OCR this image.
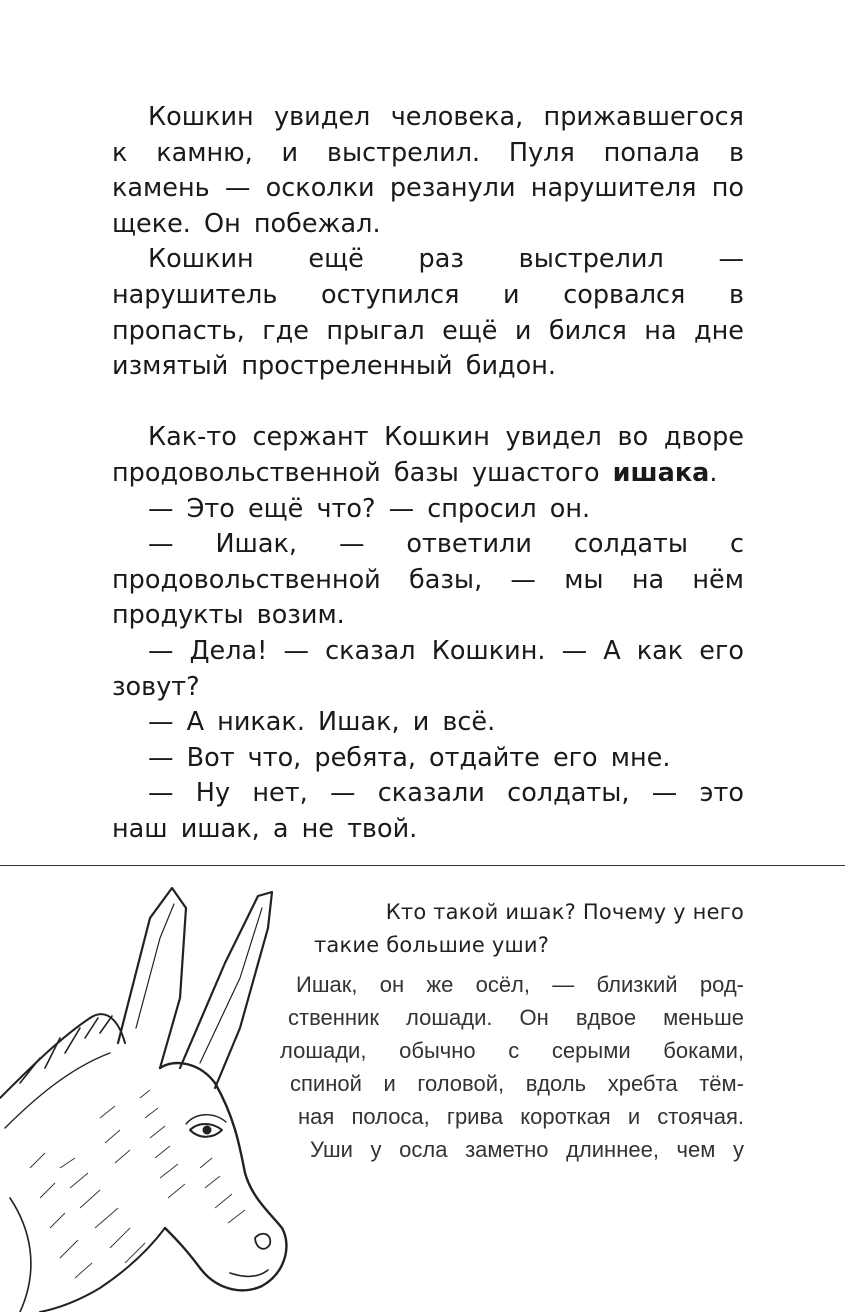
Кошкин увидел человека, прижавшегося к камню, и выстрелил. Пуля попала в камень — осколки резанули нарушителя по щеке. Он побежал.

Кошкин ещё раз выстрелил — нарушитель оступился и сорвался в пропасть, где прыгал ещё и бился на дне измятый простреленный бидон.

Как-то сержант Кошкин увидел во дворе продовольственной базы ушастого ишака.

— Это ещё что? — спросил он.

— Ишак, — ответили солдаты с продовольственной базы, — мы на нём продукты возим.

— Дела! — сказал Кошкин. — А как его зовут?

— А никак. Ишак, и всё.

— Вот что, ребята, отдайте его мне.

— Ну нет, — сказали солдаты, — это наш ишак, а не твой.

Кто такой ишак? Почему у него
такие большие уши?
Ишак, он же осёл, — близкий род-
ственник лошади. Он вдвое меньше
лошади, обычно с серыми боками,
спиной и головой, вдоль хребта тём-
ная полоса, грива короткая и стоячая.
Уши у осла заметно длиннее, чем у
